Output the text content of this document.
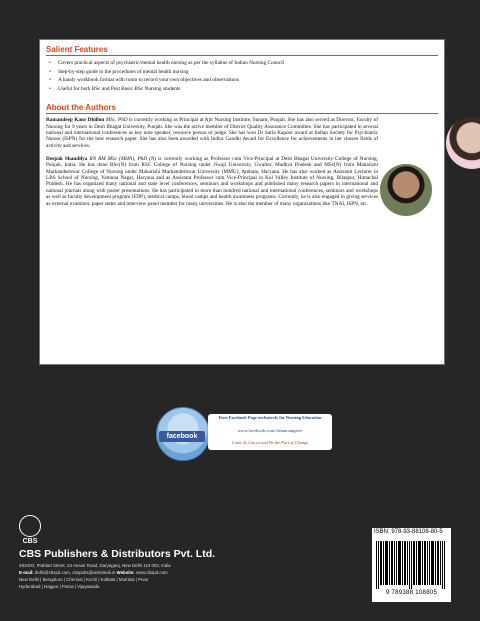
Salient Features
• Covers practical aspects of psychiatric/mental health nursing as per the syllabus of Indian Nursing Council
• Step-by-step guide to the procedures of mental health nursing
• A handy workbook format with room to record your own objectives and observations
• Useful for both BSc and Post Basic BSc Nursing students
About the Authors
Ramandeep Kaur Dhillon MSc, PhD is currently working as Principal at Ajit Nursing Institute, Sunam, Punjab. She has also served as Director, Faculty of Nursing for 9 years in Desh Bhagat University, Punjab. She was the active member of District Quality Assurance Committee. She has participated in several national and international conferences as key note speaker, resource person or judge. She has won Dr Sarla Kapoor award at Indian Society for Psychiatric Nurses (ISPN) for the best research paper. She has also been awarded with Indira Gandhi Award for Excellence for achievements in her chosen fields of activity and services.
Deepak Shandilya RN RM MSc (MHN), PhD (N) is currently working as Professor cum Vice-Principal at Desh Bhagat University College of Nursing, Punjab, India. He has done BSc(N) from RSC College of Nursing under Jiwaji University, Gwalior, Madhya Pradesh and MSc(N) from Maharishi Markandeshwar College of Nursing under Maharishi Markandeshwar University (MMU), Ambala, Haryana. He has also worked as Assistant Lecturer in LBS School of Nursing, Yamuna Nagar, Haryana and as Assistant Professor cum Vice-Principal in Kol Valley Institute of Nursing, Bilaspur, Himachal Pradesh. He has organized many national and state level conferences, seminars and workshops and published many research papers in international and national journals along with poster presentations. He has participated in more than hundred national and international conferences, seminars and workshops as well as faculty development program (FDP), medical camps, blood camps and health awareness programs. Currently, he is also engaged in giving services as external examiner, paper setter and interview panel member for many universities. He is also the member of many organizations like TNAI, ISPN, etc.
facebook
First Facebook Page exclusively for Nursing Education
www.facebook.com/cbsnursingtree
Come & Join us and Be the Part of Change
CBS
CBS Publishers & Distributors Pvt. Ltd.
4819/XI, Prahlad Street, 24 Ansari Road, Daryaganj, New Delhi 110 002, India
E-mail: delhi@cbspd.com, cbspubs@airtelmail.in Website: www.cbspd.com
New Delhi | Bengaluru | Chennai | Kochi | Kolkata | Mumbai | Pune
Hyderabad | Nagpur | Patna | Vijayawada
ISBN: 978-93-88108-80-5
9 789388 108805
